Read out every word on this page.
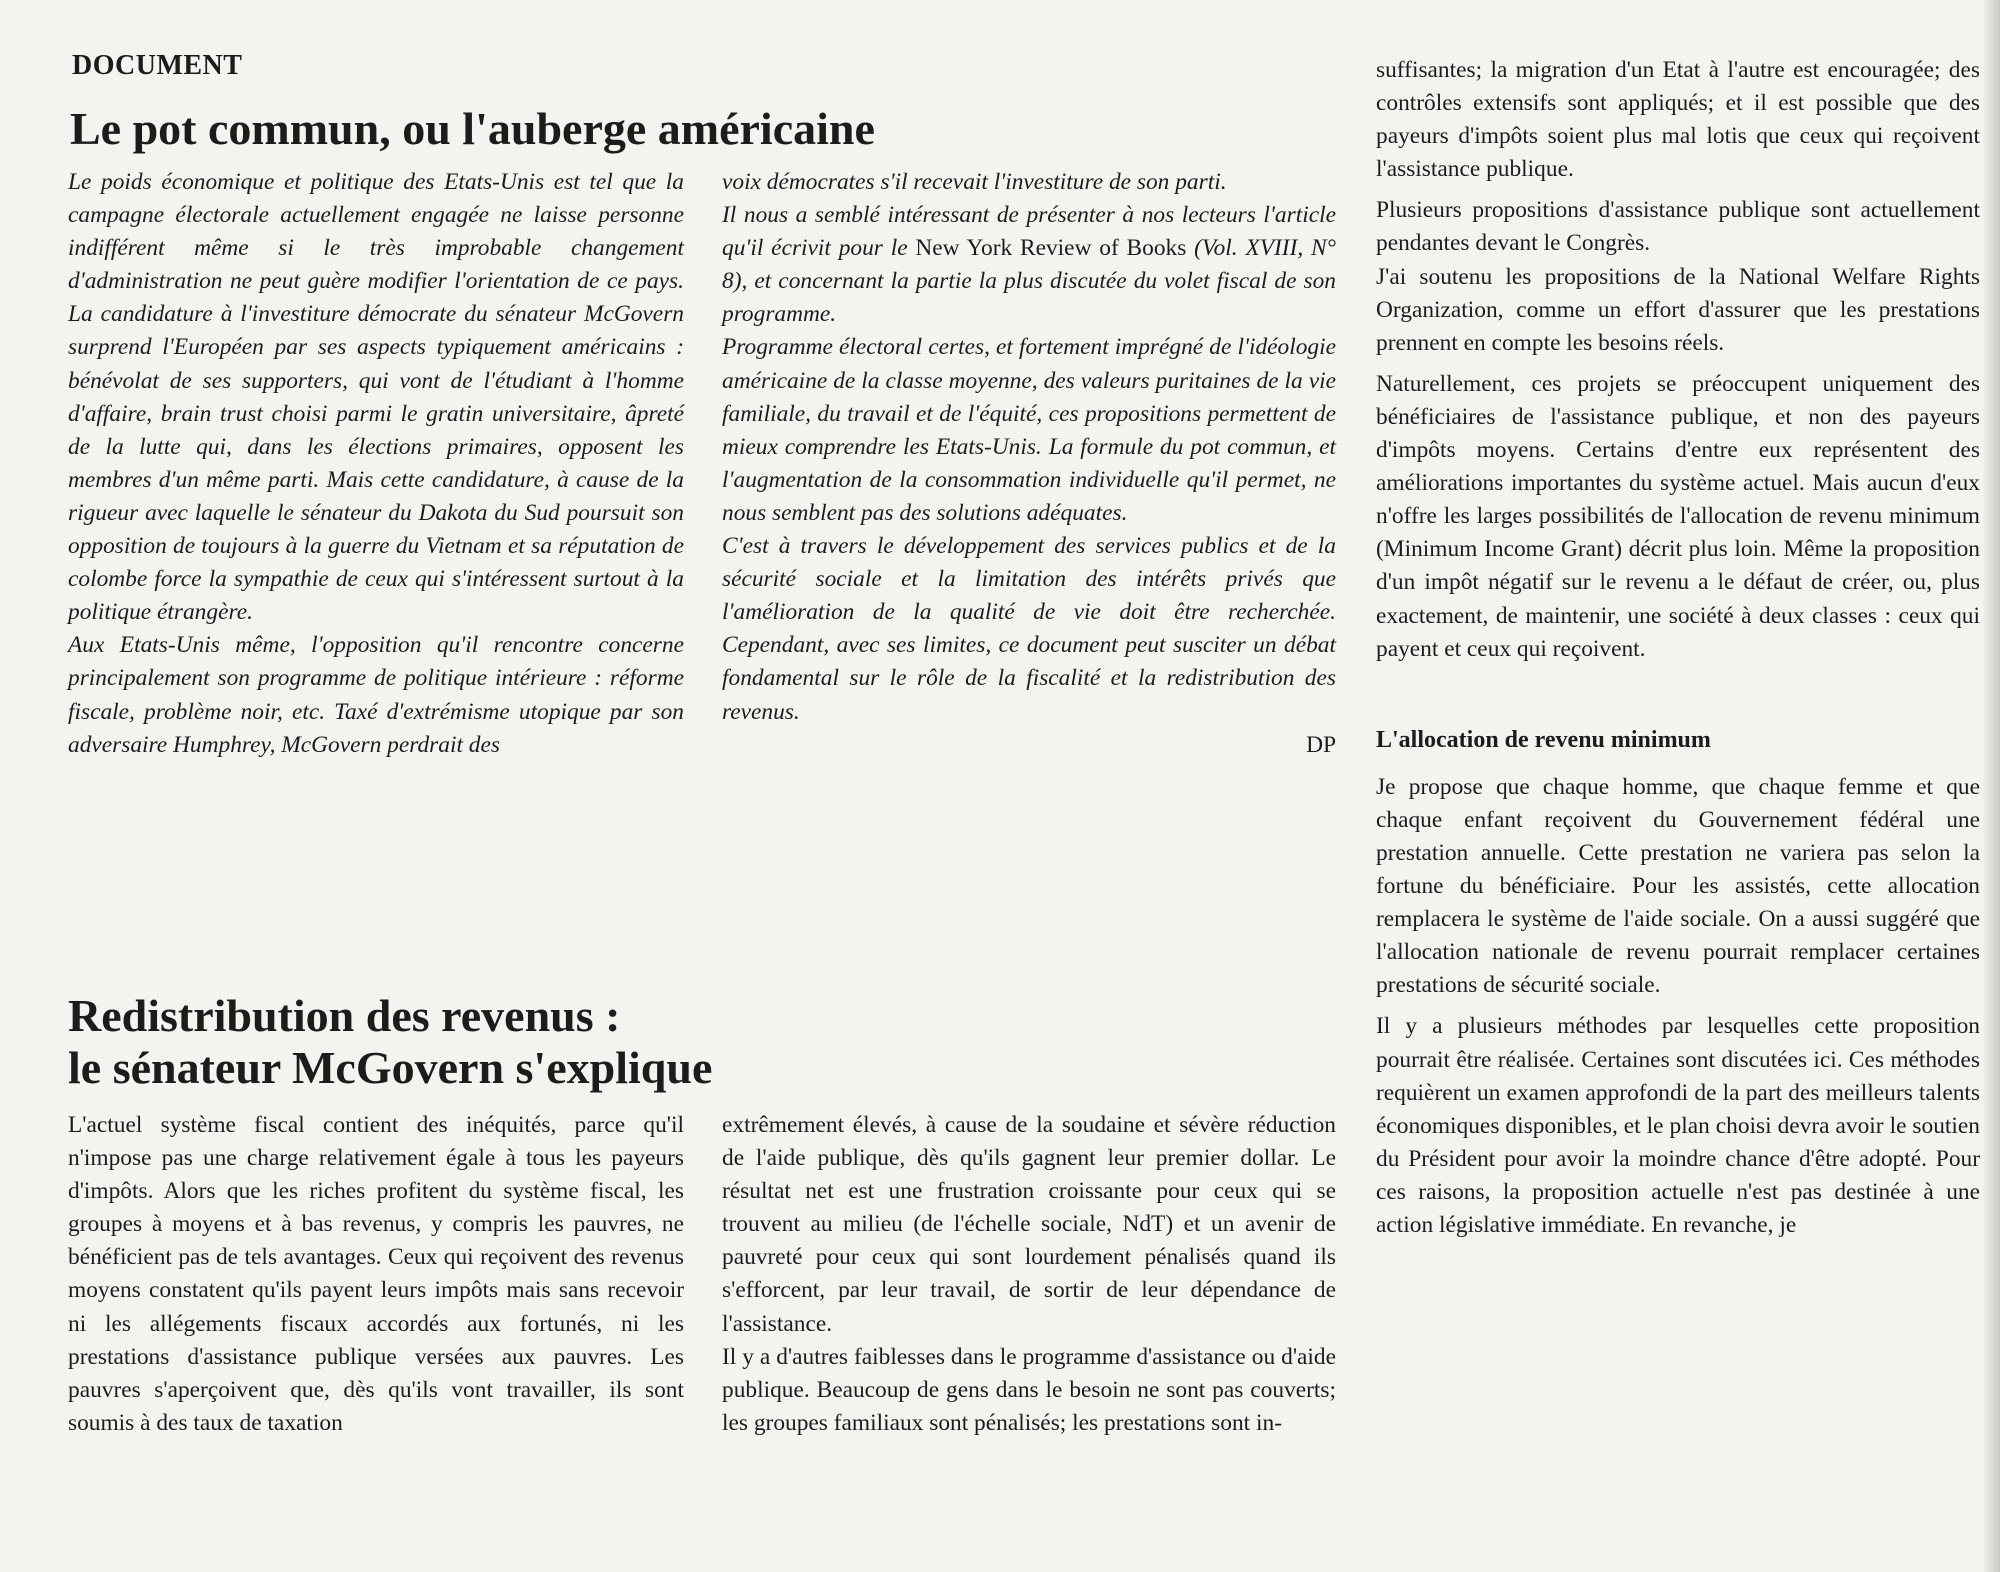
DOCUMENT
Le pot commun, ou l'auberge américaine

Le poids économique et politique des Etats-Unis est tel que la campagne électorale actuellement engagée ne laisse personne indifférent même si le très improbable changement d'administration ne peut guère modifier l'orientation de ce pays. La candidature à l'investiture démocrate du sénateur McGovern surprend l'Européen par ses aspects typiquement américains : bénévolat de ses supporters, qui vont de l'étudiant à l'homme d'affaire, brain trust choisi parmi le gratin universitaire, âpreté de la lutte qui, dans les élections primaires, opposent les membres d'un même parti. Mais cette candidature, à cause de la rigueur avec laquelle le sénateur du Dakota du Sud poursuit son opposition de toujours à la guerre du Vietnam et sa réputation de colombe force la sympathie de ceux qui s'intéressent surtout à la politique étrangère.

Aux Etats-Unis même, l'opposition qu'il rencontre concerne principalement son programme de politique intérieure : réforme fiscale, problème noir, etc. Taxé d'extrémisme utopique par son adversaire Humphrey, McGovern perdrait des

voix démocrates s'il recevait l'investiture de son parti.

Il nous a semblé intéressant de présenter à nos lecteurs l'article qu'il écrivit pour le New York Review of Books (Vol. XVIII, N° 8), et concernant la partie la plus discutée du volet fiscal de son programme.

Programme électoral certes, et fortement imprégné de l'idéologie américaine de la classe moyenne, des valeurs puritaines de la vie familiale, du travail et de l'équité, ces propositions permettent de mieux comprendre les Etats-Unis. La formule du pot commun, et l'augmentation de la consommation individuelle qu'il permet, ne nous semblent pas des solutions adéquates.

C'est à travers le développement des services publics et de la sécurité sociale et la limitation des intérêts privés que l'amélioration de la qualité de vie doit être recherchée. Cependant, avec ses limites, ce document peut susciter un débat fondamental sur le rôle de la fiscalité et la redistribution des revenus.

DP

Redistribution des revenus :
le sénateur McGovern s'explique

L'actuel système fiscal contient des inéquités, parce qu'il n'impose pas une charge relativement égale à tous les payeurs d'impôts. Alors que les riches profitent du système fiscal, les groupes à moyens et à bas revenus, y compris les pauvres, ne bénéficient pas de tels avantages. Ceux qui reçoivent des revenus moyens constatent qu'ils payent leurs impôts mais sans recevoir ni les allégements fiscaux accordés aux fortunés, ni les prestations d'assistance publique versées aux pauvres. Les pauvres s'aperçoivent que, dès qu'ils vont travailler, ils sont soumis à des taux de taxation

extrêmement élevés, à cause de la soudaine et sévère réduction de l'aide publique, dès qu'ils gagnent leur premier dollar. Le résultat net est une frustration croissante pour ceux qui se trouvent au milieu (de l'échelle sociale, NdT) et un avenir de pauvreté pour ceux qui sont lourdement pénalisés quand ils s'efforcent, par leur travail, de sortir de leur dépendance de l'assistance.

Il y a d'autres faiblesses dans le programme d'assistance ou d'aide publique. Beaucoup de gens dans le besoin ne sont pas couverts; les groupes familiaux sont pénalisés; les prestations sont in-

suffisantes; la migration d'un Etat à l'autre est encouragée; des contrôles extensifs sont appliqués; et il est possible que des payeurs d'impôts soient plus mal lotis que ceux qui reçoivent l'assistance publique.

Plusieurs propositions d'assistance publique sont actuellement pendantes devant le Congrès.

J'ai soutenu les propositions de la National Welfare Rights Organization, comme un effort d'assurer que les prestations prennent en compte les besoins réels.

Naturellement, ces projets se préoccupent uniquement des bénéficiaires de l'assistance publique, et non des payeurs d'impôts moyens. Certains d'entre eux représentent des améliorations importantes du système actuel. Mais aucun d'eux n'offre les larges possibilités de l'allocation de revenu minimum (Minimum Income Grant) décrit plus loin. Même la proposition d'un impôt négatif sur le revenu a le défaut de créer, ou, plus exactement, de maintenir, une société à deux classes : ceux qui payent et ceux qui reçoivent.

L'allocation de revenu minimum

Je propose que chaque homme, que chaque femme et que chaque enfant reçoivent du Gouvernement fédéral une prestation annuelle. Cette prestation ne variera pas selon la fortune du bénéficiaire. Pour les assistés, cette allocation remplacera le système de l'aide sociale. On a aussi suggéré que l'allocation nationale de revenu pourrait remplacer certaines prestations de sécurité sociale.

Il y a plusieurs méthodes par lesquelles cette proposition pourrait être réalisée. Certaines sont discutées ici. Ces méthodes requièrent un examen approfondi de la part des meilleurs talents économiques disponibles, et le plan choisi devra avoir le soutien du Président pour avoir la moindre chance d'être adopté. Pour ces raisons, la proposition actuelle n'est pas destinée à une action législative immédiate. En revanche, je
